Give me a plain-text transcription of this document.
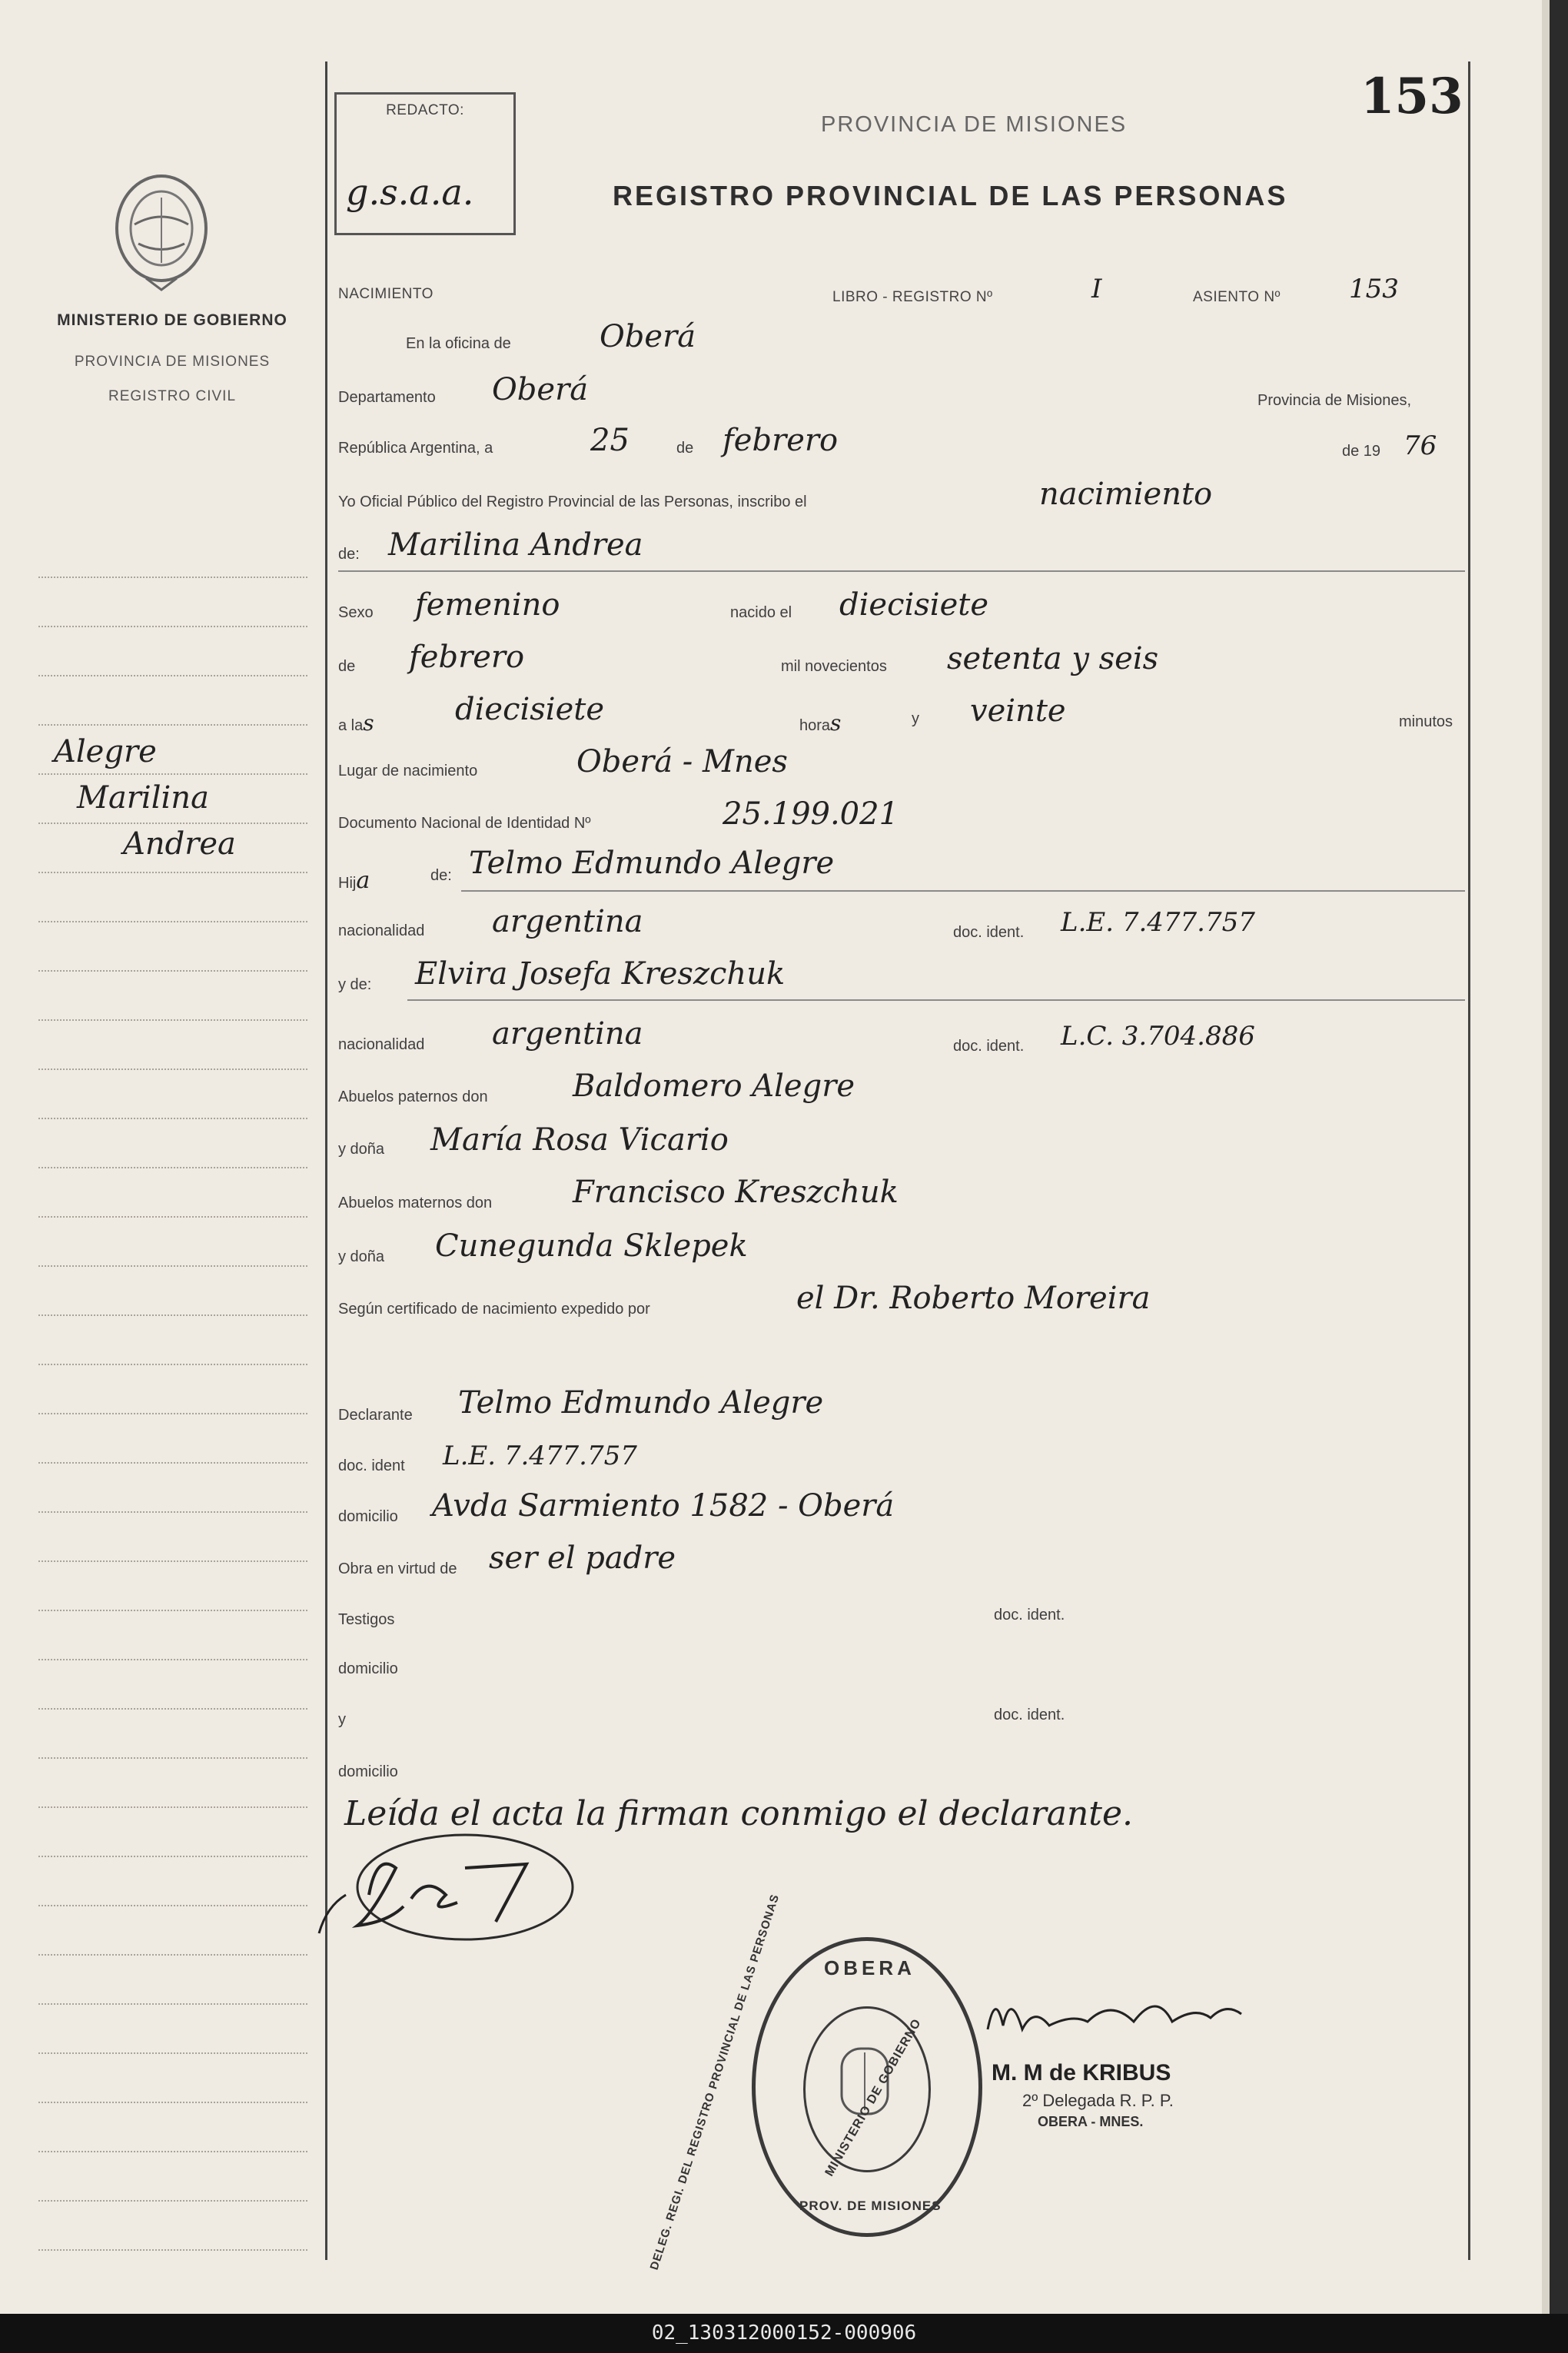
MINISTERIO DE GOBIERNO
PROVINCIA DE MISIONES
REGISTRO CIVIL
Alegre
Marilina
Andrea
REDACTO:
g.s.a.a.
PROVINCIA DE MISIONES
REGISTRO PROVINCIAL DE LAS PERSONAS
153
NACIMIENTO	LIBRO - REGISTRO Nº	I	ASIENTO Nº	153
En la oficina de	Oberá
Departamento Oberá	Provincia de Misiones,
República Argentina, a	25	de febrero	de 19 76
Yo Oficial Público del Registro Provincial de las Personas, inscribo el	nacimiento
de: Marilina Andrea
Sexo femenino	nacido el diecisiete
de febrero	mil novecientos setenta y seis
a las	diecisiete	horas	y veinte	minutos
Lugar de nacimiento	Oberá - Mnes
Documento Nacional de Identidad Nº	25.199.021
Hija	de: Telmo Edmundo Alegre
nacionalidad argentina	doc. ident. L.E. 7.477.757
y de: Elvira Josefa Kreszchuk
nacionalidad argentina	doc. ident. L.C. 3.704.886
Abuelos paternos don	Baldomero Alegre
y doña María Rosa Vicario
Abuelos maternos don	Francisco Kreszchuk
y doña Cunegunda Sklepek
Según certificado de nacimiento expedido por	el Dr. Roberto Moreira
Declarante Telmo Edmundo Alegre
doc. ident L.E. 7.477.757
domicilio Avda Sarmiento 1582 - Oberá
Obra en virtud de ser el padre
Testigos	doc. ident.
domicilio
y	doc. ident.
domicilio
Leída el acta la firman conmigo el declarante.
OBERA
DELEG. REGI. DEL REGISTRO PROVINCIAL DE LAS PERSONAS	MINISTERIO DE GOBIERNO
PROV. DE MISIONES
M. M de KRIBUS
2º Delegada R. P. P.
OBERA - MNES.
02_130312000152-000906
